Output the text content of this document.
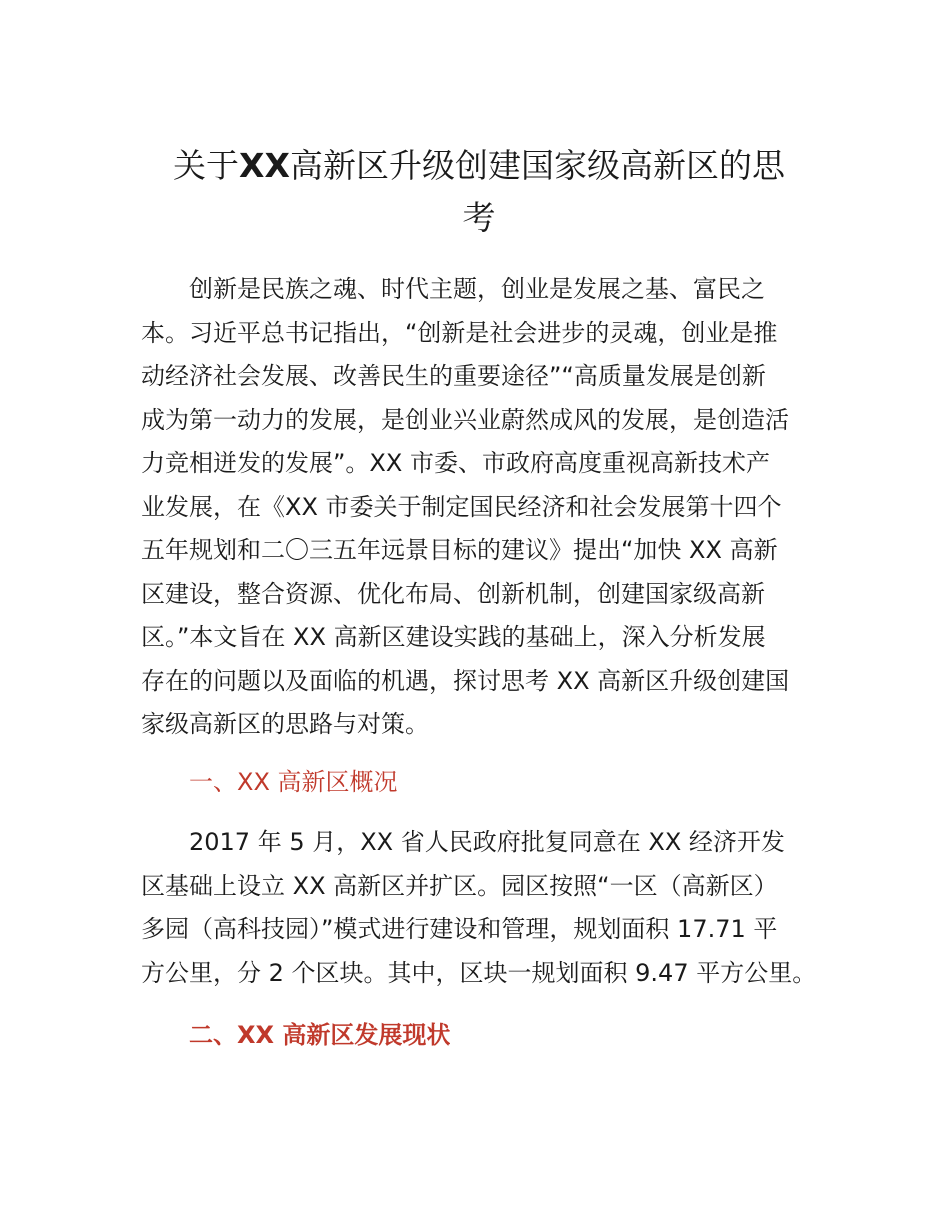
关于XX高新区升级创建国家级高新区的思
考
创新是民族之魂、时代主题，创业是发展之基、富民之
本。习近平总书记指出，“创新是社会进步的灵魂，创业是推
动经济社会发展、改善民生的重要途径”“高质量发展是创新
成为第一动力的发展，是创业兴业蔚然成风的发展，是创造活
力竞相迸发的发展”。XX 市委、市政府高度重视高新技术产
业发展，在《XX 市委关于制定国民经济和社会发展第十四个
五年规划和二〇三五年远景目标的建议》提出“加快 XX 高新
区建设，整合资源、优化布局、创新机制，创建国家级高新
区。”本文旨在 XX 高新区建设实践的基础上，深入分析发展
存在的问题以及面临的机遇，探讨思考 XX 高新区升级创建国
家级高新区的思路与对策。
一、XX 高新区概况
2017 年 5 月，XX 省人民政府批复同意在 XX 经济开发
区基础上设立 XX 高新区并扩区。园区按照“一区（高新区）
多园（高科技园）”模式进行建设和管理，规划面积 17.71 平
方公里，分 2 个区块。其中，区块一规划面积 9.47 平方公里。
二、XX 高新区发展现状
